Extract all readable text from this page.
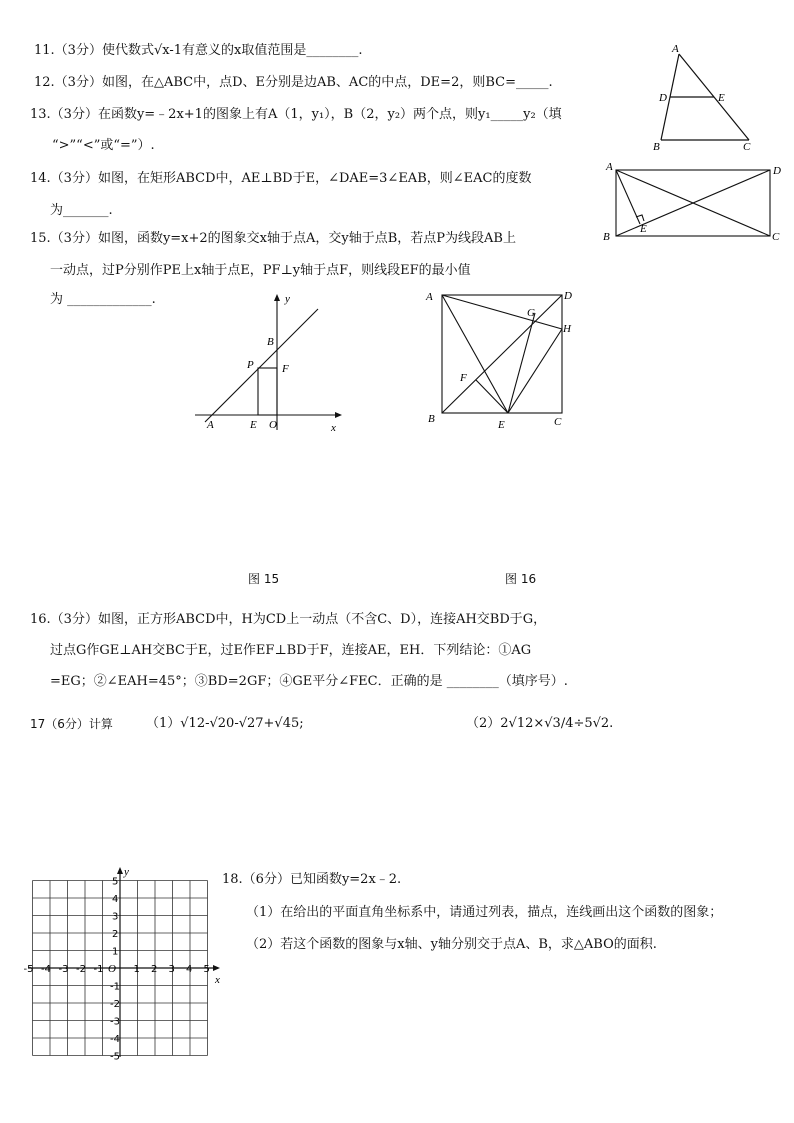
11.（3分）使代数式√x-1有意义的x取值范围是________.	A
D	E
B	C
12.（3分）如图，在△ABC中，点D、E分别是边AB、AC的中点，DE=2，则BC=_____.
13.（3分）在函数y=﹣2x+1的图象上有A（1，y₁），B（2，y₂）两个点，则y₁_____y₂（填
“>”“<”或“=”）.
A	D
B
E
C
14.（3分）如图，在矩形ABCD中，AE⊥BD于E，∠DAE=3∠EAB，则∠EAC的度数
为_______.
15.（3分）如图，函数y=x+2的图象交x轴于点A，交y轴于点B，若点P为线段AB上
一动点，过P分别作PE上x轴于点E，PF⊥y轴于点F，则线段EF的最小值
为 _____________.	y
B
P	F
A	E O	x
A	D
G
H
F
B	E	C
图 15	图 16
16.（3分）如图，正方形ABCD中，H为CD上一动点（不含C、D），连接AH交BD于G，
过点G作GE⊥AH交BC于E，过E作EF⊥BD于F，连接AE，EH．下列结论：①AG
=EG；②∠EAH=45°；③BD=2GF；④GE平分∠FEC．正确的是 ________（填序号）.
17（6分）计算	（1）√12-√20-√27+√45;	（2）2√12×√3/4÷5√2.
x
y
O
-5 -4 -3 -2 -1	1 2 3 4 5
1
2
3
4
5
-1
-2
-3
-4
-5
18.（6分）已知函数y=2x﹣2.
（1）在给出的平面直角坐标系中，请通过列表，描点，连线画出这个函数的图象；
（2）若这个函数的图象与x轴、y轴分别交于点A、B，求△ABO的面积.
